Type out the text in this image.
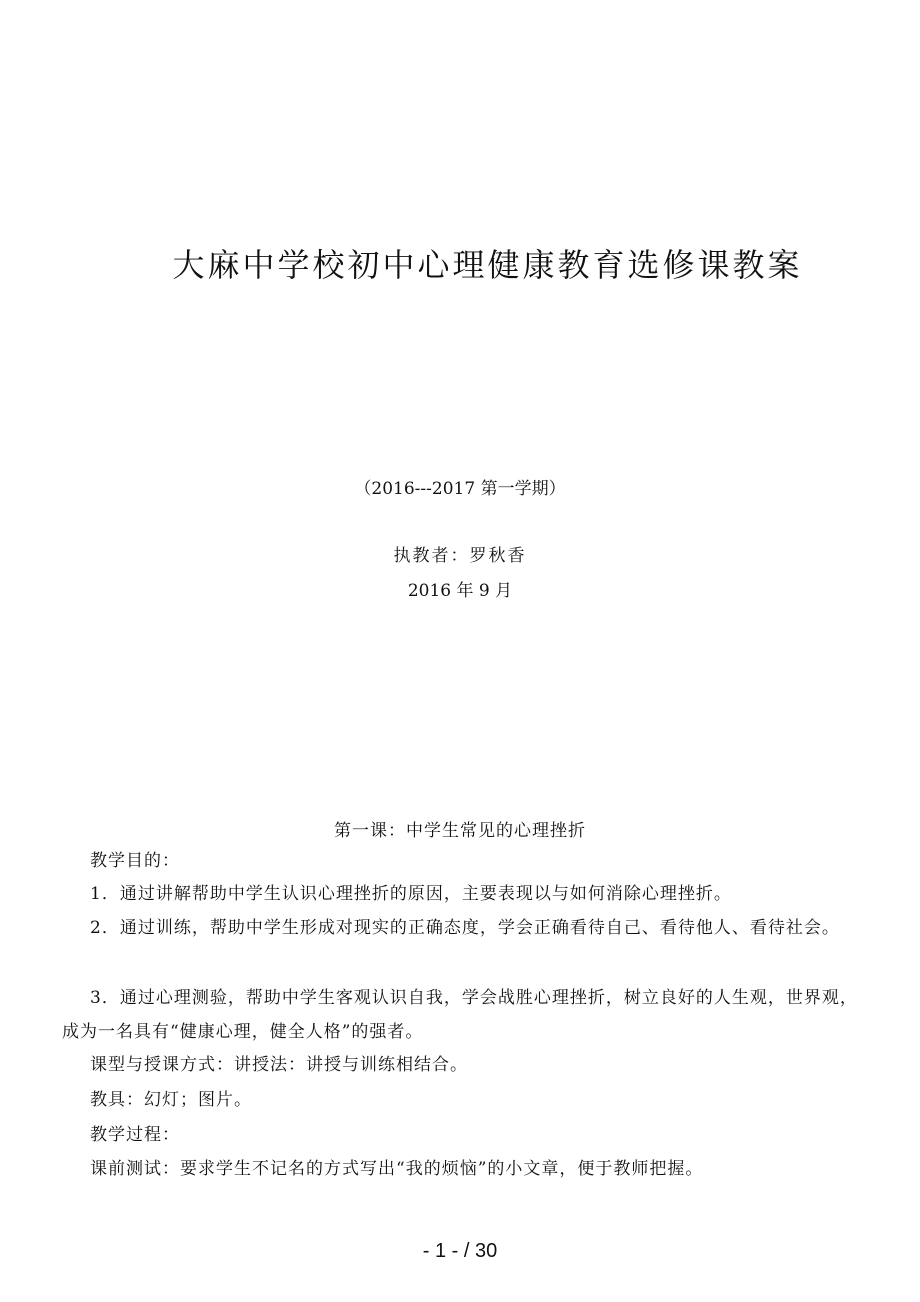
大麻中学校初中心理健康教育选修课教案
（2016---2017 第一学期）
执教者：罗秋香
2016 年 9 月
第一课：中学生常见的心理挫折
教学目的：
1．通过讲解帮助中学生认识心理挫折的原因，主要表现以与如何消除心理挫折。
2．通过训练，帮助中学生形成对现实的正确态度，学会正确看待自己、看待他人、看待社会。
3．通过心理测验，帮助中学生客观认识自我，学会战胜心理挫折，树立良好的人生观，世界观，成为一名具有“健康心理，健全人格”的强者。
课型与授课方式：讲授法：讲授与训练相结合。
教具：幻灯；图片。
教学过程：
课前测试：要求学生不记名的方式写出“我的烦恼”的小文章，便于教师把握。
- 1 - / 30
